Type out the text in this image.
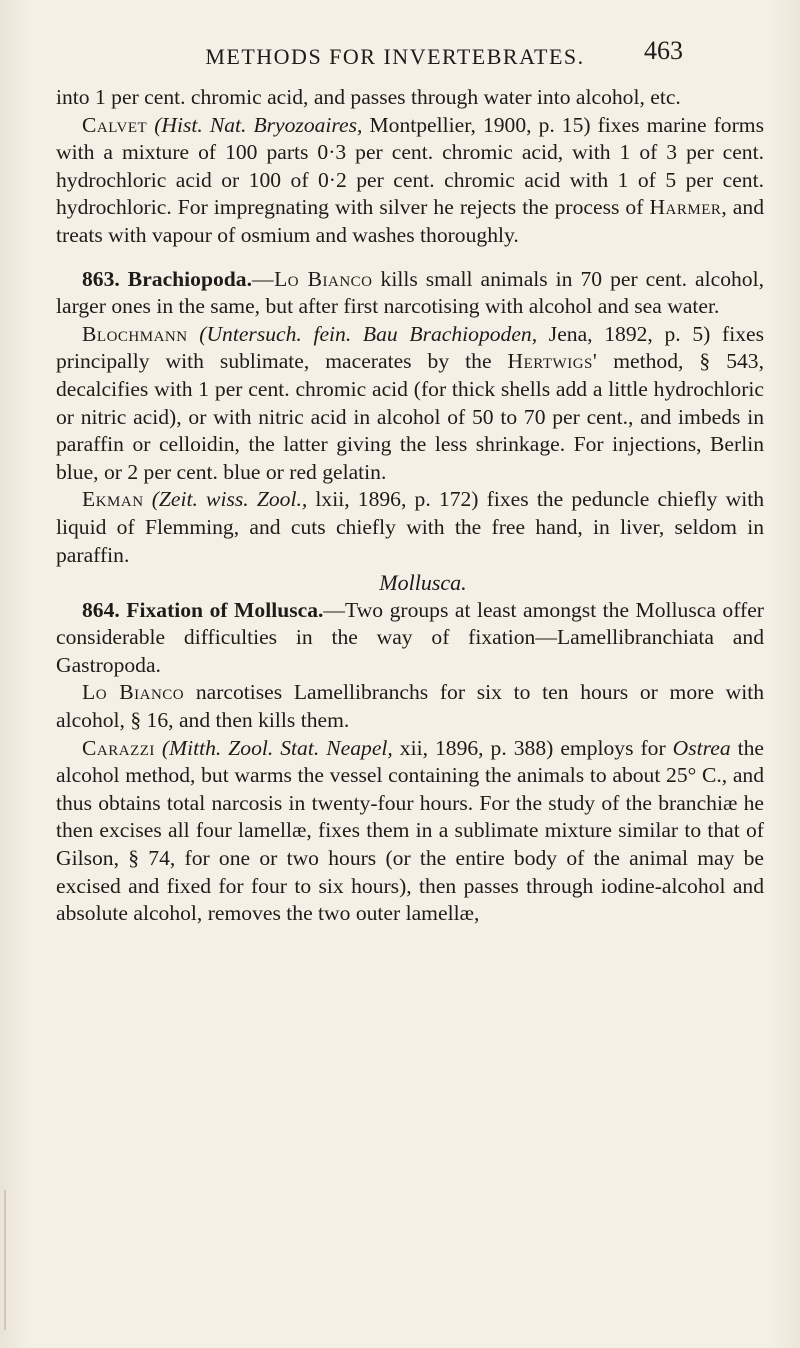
METHODS FOR INVERTEBRATES.	463

into 1 per cent. chromic acid, and passes through water into alcohol, etc.

Calvet (Hist. Nat. Bryozoaires, Montpellier, 1900, p. 15) fixes marine forms with a mixture of 100 parts 0·3 per cent. chromic acid, with 1 of 3 per cent. hydrochloric acid or 100 of 0·2 per cent. chromic acid with 1 of 5 per cent. hydrochloric. For impregnating with silver he rejects the process of Harmer, and treats with vapour of osmium and washes thoroughly.

863. Brachiopoda.—Lo Bianco kills small animals in 70 per cent. alcohol, larger ones in the same, but after first narcotising with alcohol and sea water.

Blochmann (Untersuch. fein. Bau Brachiopoden, Jena, 1892, p. 5) fixes principally with sublimate, macerates by the Hertwigs' method, § 543, decalcifies with 1 per cent. chromic acid (for thick shells add a little hydrochloric or nitric acid), or with nitric acid in alcohol of 50 to 70 per cent., and imbeds in paraffin or celloidin, the latter giving the less shrinkage. For injections, Berlin blue, or 2 per cent. blue or red gelatin.

Ekman (Zeit. wiss. Zool., lxii, 1896, p. 172) fixes the peduncle chiefly with liquid of Flemming, and cuts chiefly with the free hand, in liver, seldom in paraffin.

Mollusca.

864. Fixation of Mollusca.—Two groups at least amongst the Mollusca offer considerable difficulties in the way of fixation—Lamellibranchiata and Gastropoda.

Lo Bianco narcotises Lamellibranchs for six to ten hours or more with alcohol, § 16, and then kills them.

Carazzi (Mitth. Zool. Stat. Neapel, xii, 1896, p. 388) employs for Ostrea the alcohol method, but warms the vessel containing the animals to about 25° C., and thus obtains total narcosis in twenty-four hours. For the study of the branchiæ he then excises all four lamellæ, fixes them in a sublimate mixture similar to that of Gilson, § 74, for one or two hours (or the entire body of the animal may be excised and fixed for four to six hours), then passes through iodine-alcohol and absolute alcohol, removes the two outer lamellæ,
